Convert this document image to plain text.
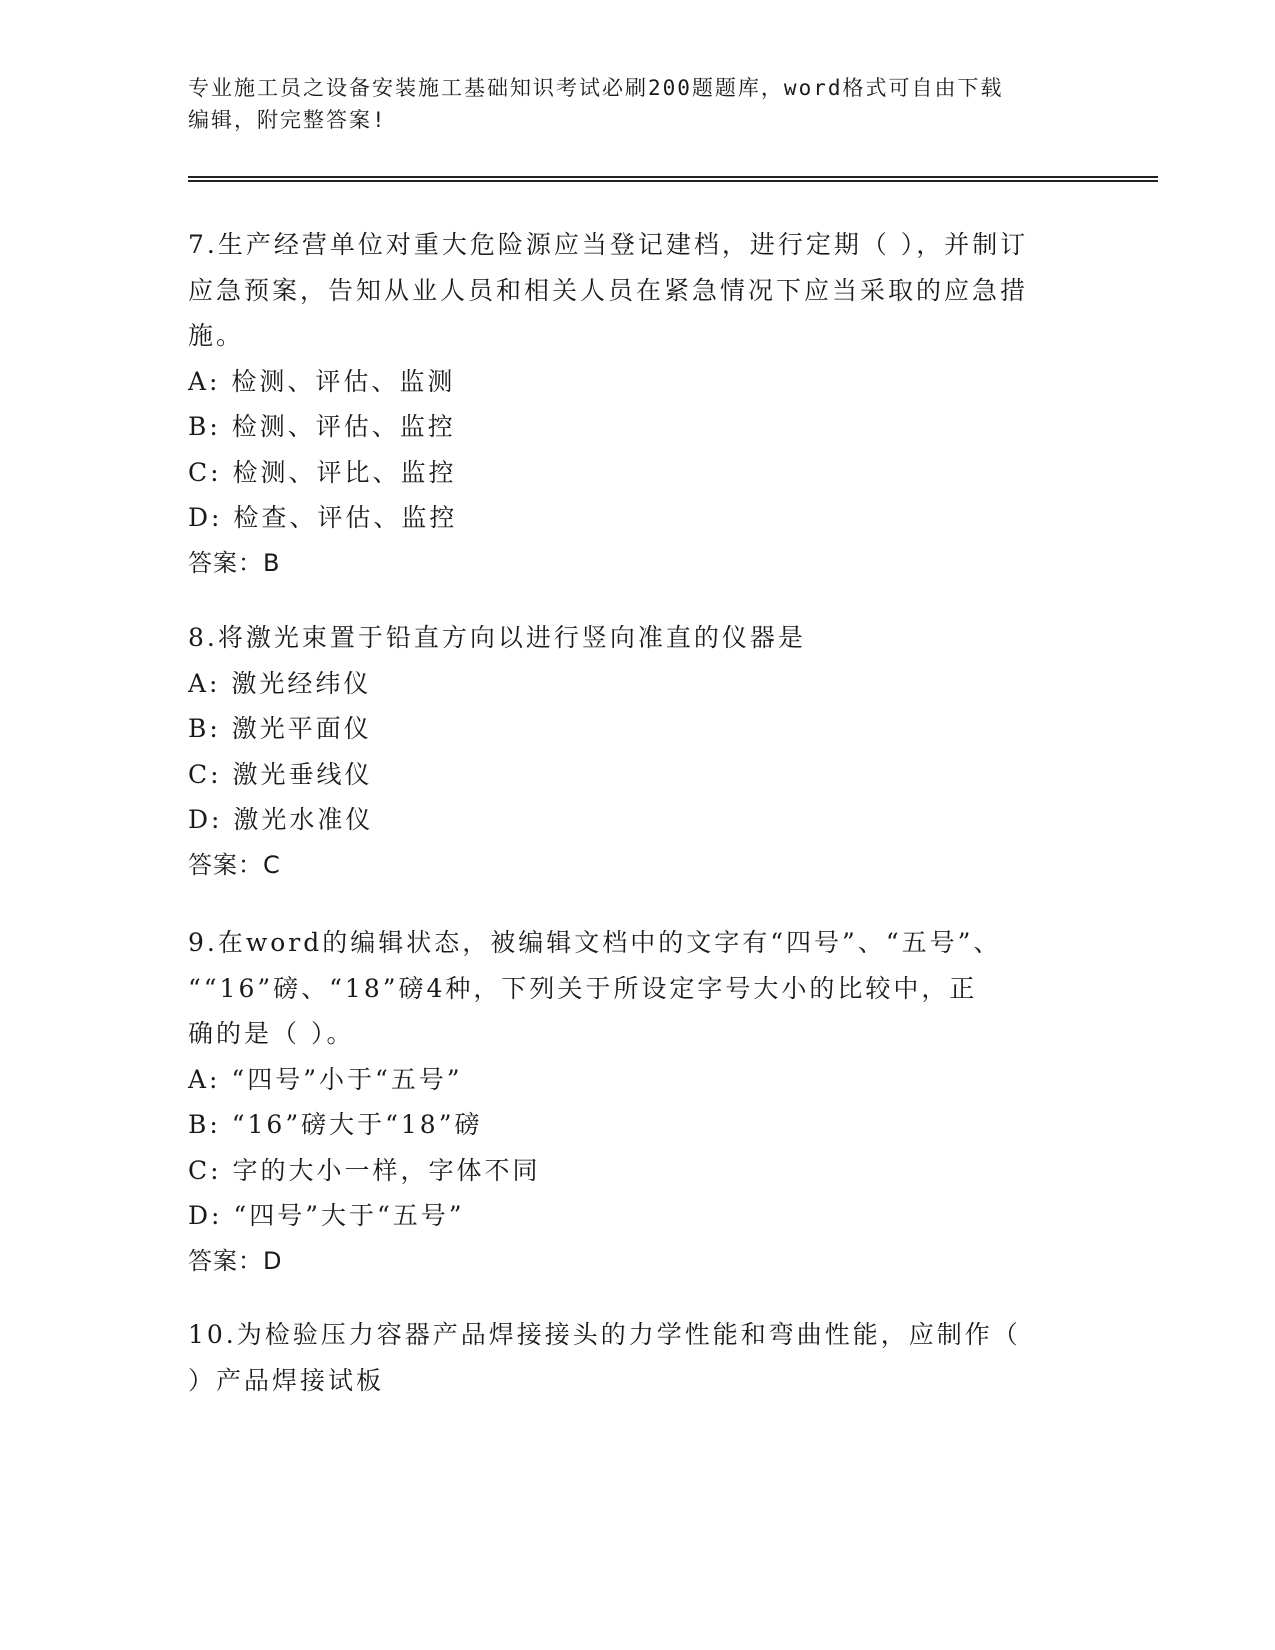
专业施工员之设备安装施工基础知识考试必刷200题题库，word格式可自由下载
编辑，附完整答案!

7.生产经营单位对重大危险源应当登记建档，进行定期（ ），并制订

应急预案，告知从业人员和相关人员在紧急情况下应当采取的应急措

施。

A: 检测、评估、监测

B: 检测、评估、监控

C: 检测、评比、监控

D: 检查、评估、监控

答案：B

8.将激光束置于铅直方向以进行竖向准直的仪器是

A: 激光经纬仪

B: 激光平面仪

C: 激光垂线仪

D: 激光水准仪

答案：C

9.在word的编辑状态，被编辑文档中的文字有“四号”、“五号”、

““16”磅、“18”磅4种，下列关于所设定字号大小的比较中，正

确的是（ ）。

A: “四号”小于“五号”

B: “16”磅大于“18”磅

C: 字的大小一样，字体不同

D: “四号”大于“五号”

答案：D

10.为检验压力容器产品焊接接头的力学性能和弯曲性能，应制作（

）产品焊接试板
